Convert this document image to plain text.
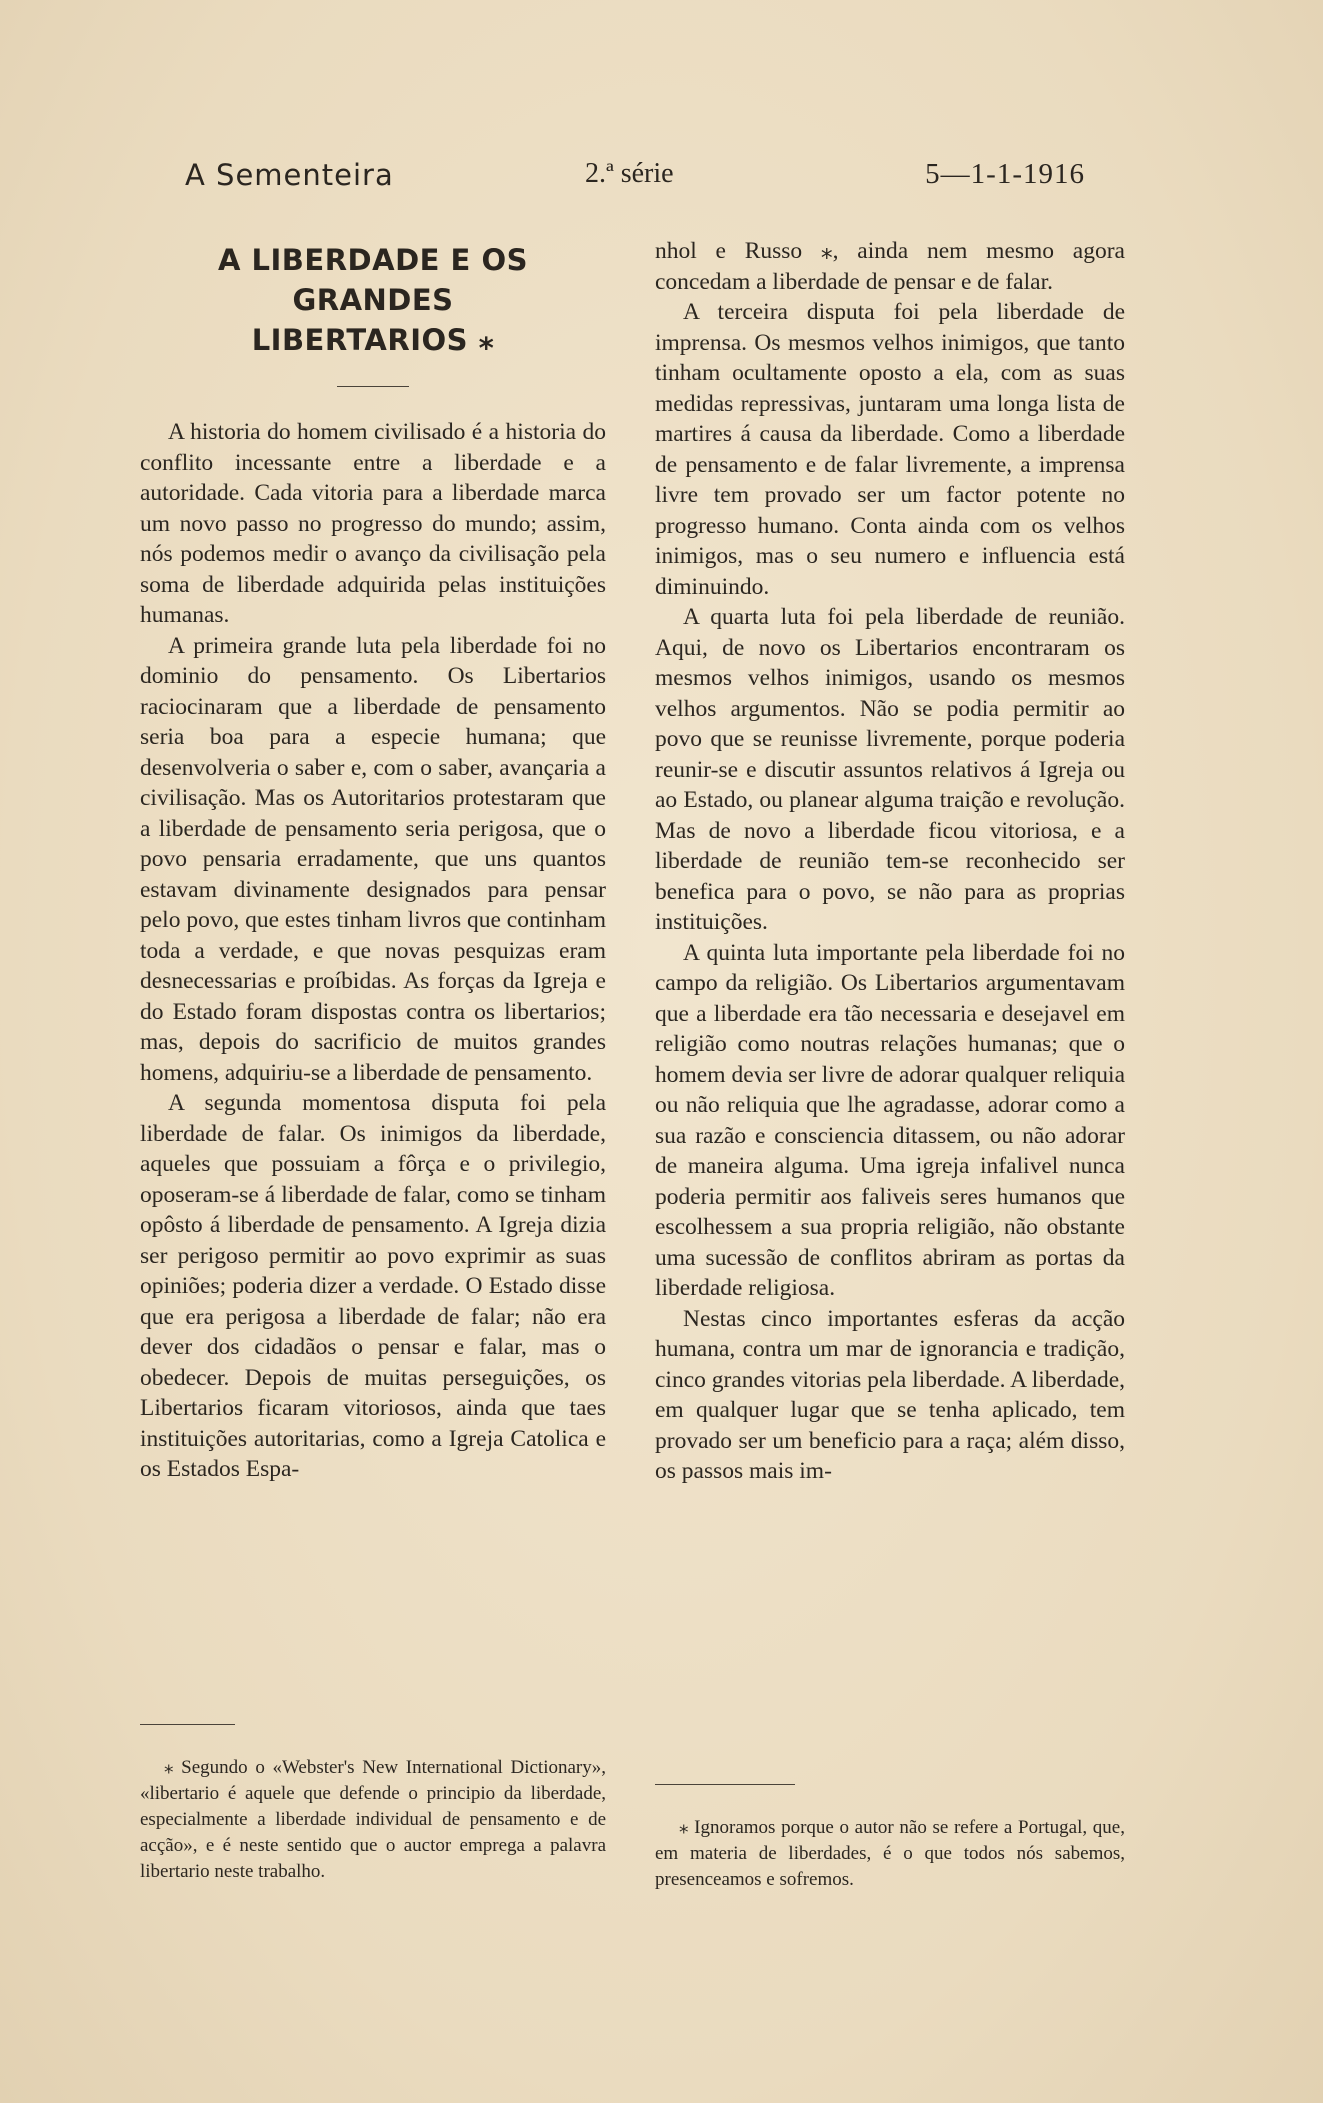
A Sementeira	2.ª série	5—1-1-1916
A LIBERDADE E OS GRANDES
LIBERTARIOS ⁎

A historia do homem civilisado é a historia do conflito incessante entre a liberdade e a autoridade. Cada vitoria para a liberdade marca um novo passo no progresso do mundo; assim, nós podemos medir o avanço da civilisação pela soma de liberdade adquirida pelas instituições humanas.

A primeira grande luta pela liberdade foi no dominio do pensamento. Os Libertarios raciocinaram que a liberdade de pensamento seria boa para a especie humana; que desenvolveria o saber e, com o saber, avançaria a civilisação. Mas os Autoritarios protestaram que a liberdade de pensamento seria perigosa, que o povo pensaria erradamente, que uns quantos estavam divinamente designados para pensar pelo povo, que estes tinham livros que continham toda a verdade, e que novas pesquizas eram desnecessarias e proíbidas. As forças da Igreja e do Estado foram dispostas contra os libertarios; mas, depois do sacrificio de muitos grandes homens, adquiriu-se a liberdade de pensamento.

A segunda momentosa disputa foi pela liberdade de falar. Os inimigos da liberdade, aqueles que possuiam a fôrça e o privilegio, oposeram-se á liberdade de falar, como se tinham opôsto á liberdade de pensamento. A Igreja dizia ser perigoso permitir ao povo exprimir as suas opiniões; poderia dizer a verdade. O Estado disse que era perigosa a liberdade de falar; não era dever dos cidadãos o pensar e falar, mas o obedecer. Depois de muitas perseguições, os Libertarios ficaram vitoriosos, ainda que taes instituições autoritarias, como a Igreja Catolica e os Estados Espa-

nhol e Russo ⁎, ainda nem mesmo agora concedam a liberdade de pensar e de falar.

A terceira disputa foi pela liberdade de imprensa. Os mesmos velhos inimigos, que tanto tinham ocultamente oposto a ela, com as suas medidas repressivas, juntaram uma longa lista de martires á causa da liberdade. Como a liberdade de pensamento e de falar livremente, a imprensa livre tem provado ser um factor potente no progresso humano. Conta ainda com os velhos inimigos, mas o seu numero e influencia está diminuindo.

A quarta luta foi pela liberdade de reunião. Aqui, de novo os Libertarios encontraram os mesmos velhos inimigos, usando os mesmos velhos argumentos. Não se podia permitir ao povo que se reunisse livremente, porque poderia reunir-se e discutir assuntos relativos á Igreja ou ao Estado, ou planear alguma traição e revolução. Mas de novo a liberdade ficou vitoriosa, e a liberdade de reunião tem-se reconhecido ser benefica para o povo, se não para as proprias instituições.

A quinta luta importante pela liberdade foi no campo da religião. Os Libertarios argumentavam que a liberdade era tão necessaria e desejavel em religião como noutras relações humanas; que o homem devia ser livre de adorar qualquer reliquia ou não reliquia que lhe agradasse, adorar como a sua razão e consciencia ditassem, ou não adorar de maneira alguma. Uma igreja infalivel nunca poderia permitir aos faliveis seres humanos que escolhessem a sua propria religião, não obstante uma sucessão de conflitos abriram as portas da liberdade religiosa.

Nestas cinco importantes esferas da acção humana, contra um mar de ignorancia e tradição, cinco grandes vitorias pela liberdade. A liberdade, em qualquer lugar que se tenha aplicado, tem provado ser um beneficio para a raça; além disso, os passos mais im-

⁎ Segundo o «Webster's New International Dictionary», «libertario é aquele que defende o principio da liberdade, especialmente a liberdade individual de pensamento e de acção», e é neste sentido que o auctor emprega a palavra libertario neste trabalho.

⁎ Ignoramos porque o autor não se refere a Portugal, que, em materia de liberdades, é o que todos nós sabemos, presenceamos e sofremos.
